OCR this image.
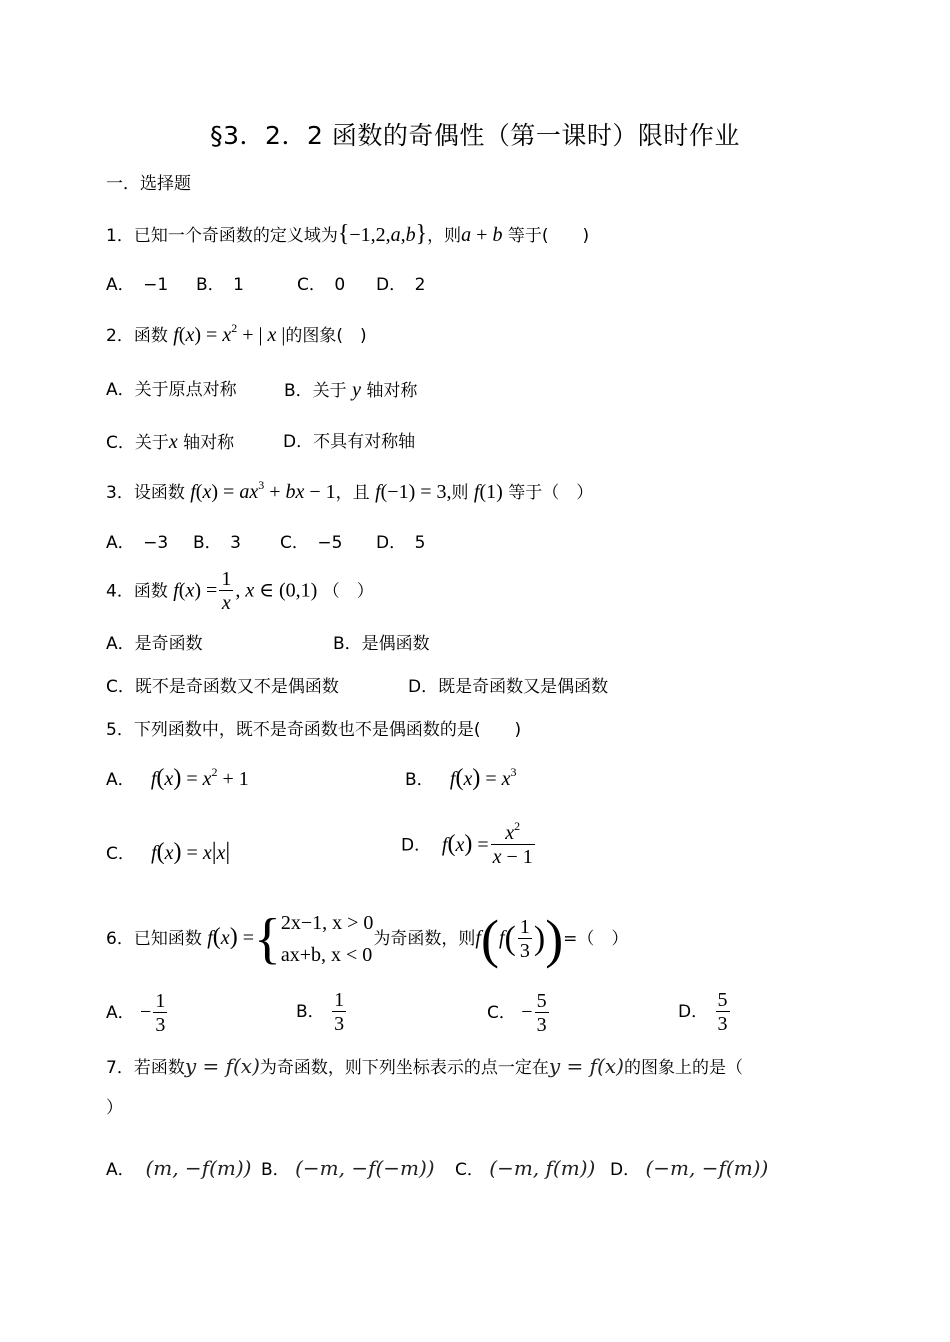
§3．2．2 函数的奇偶性（第一课时）限时作业
一．选择题
1．已知一个奇函数的定义域为{−1,2,a,b}，则a + b 等于(　　)
A．　−1 B．　1	C．　0 D．　2
2．函数 $f(x) = x^2$ + | x |的图象(　)
A．关于原点对称	B．关于 y 轴对称
C．关于x 轴对称	D．不具有对称轴
3．设函数 $f(x) = ax^3$ + bx − 1，且 f(−1) = 3,则 f(1) 等于（　）
A．　−3 B．　3 C．　−5 D．　5
4．函数 $f(x) = \frac{1}{x}$ , x ∈ (0,1) （　）
A．是奇函数	B．是偶函数
C．既不是奇函数又不是偶函数	D．既是奇函数又是偶函数
5．下列函数中，既不是奇函数也不是偶函数的是(　　)
A． $f(x) = x^2 + 1$	B． $f(x) = x^3$
C． f(x) = x|x|	D． $f(x) = \frac{x^2}{x - 1}$
6．已知函数 f(x) ={ 2x−1, x > 0
ax+b, x < 0
为奇函数，则$f(f( \frac{1}{3}$ ))=（　）
A． − $\frac{1}{3}$	B． $\frac{1}{3}$	C． − $\frac{5}{3}$	D． $\frac{5}{3}$
7．若函数y = f(x)为奇函数，则下列坐标表示的点一定在y = f(x)的图象上的是（
）
A． (m, −f(m)) B． (−m, −f(−m)) C． (−m, f(m)) D． (−m, −f(m))
